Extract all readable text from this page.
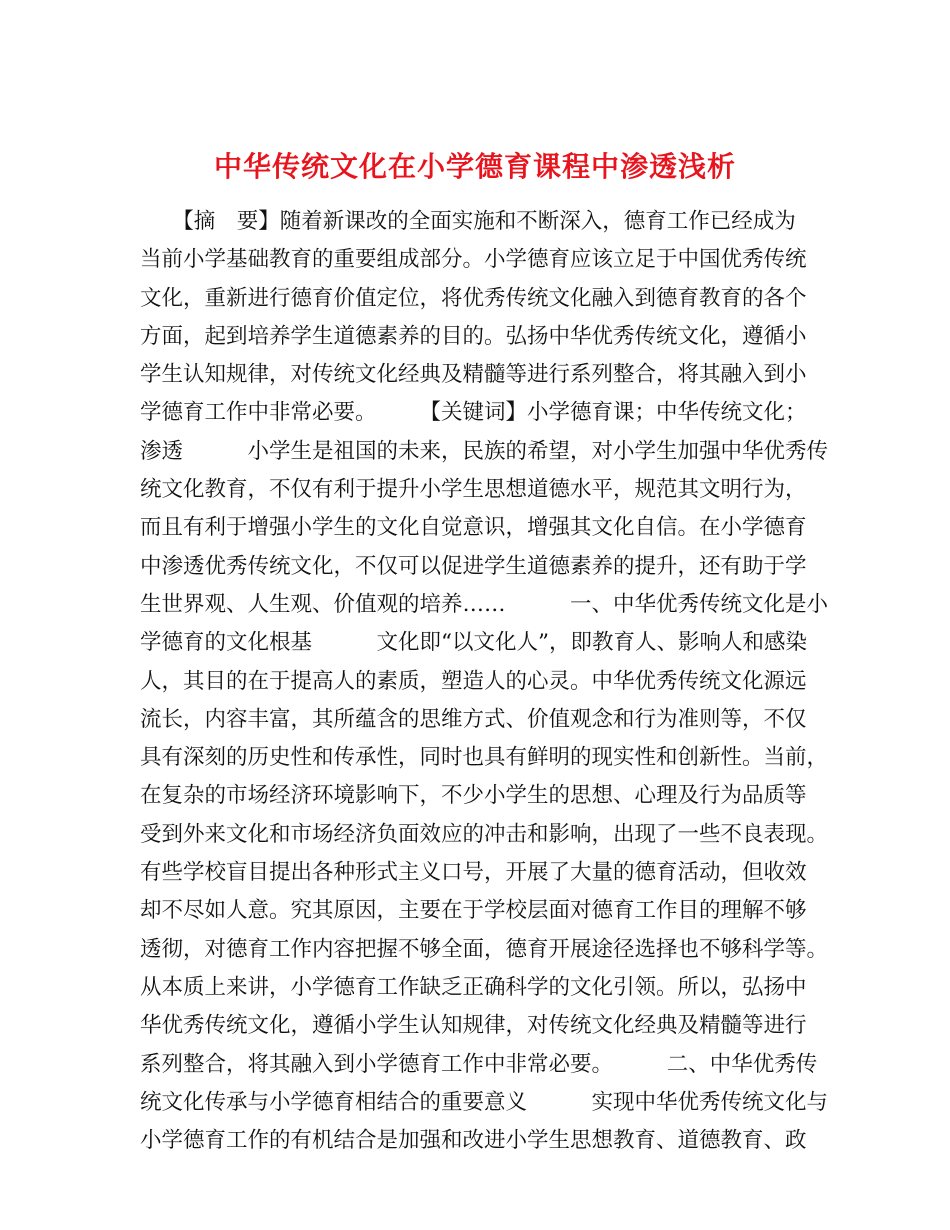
中华传统文化在小学德育课程中渗透浅析
　　【摘　要】随着新课改的全面实施和不断深入，德育工作已经成为
当前小学基础教育的重要组成部分。小学德育应该立足于中国优秀传统
文化，重新进行德育价值定位，将优秀传统文化融入到德育教育的各个
方面，起到培养学生道德素养的目的。弘扬中华优秀传统文化，遵循小
学生认知规律，对传统文化经典及精髓等进行系列整合，将其融入到小
学德育工作中非常必要。　　　【关键词】小学德育课；中华传统文化；
渗透　　　小学生是祖国的未来，民族的希望，对小学生加强中华优秀传
统文化教育，不仅有利于提升小学生思想道德水平，规范其文明行为，
而且有利于增强小学生的文化自觉意识，增强其文化自信。在小学德育
中渗透优秀传统文化，不仅可以促进学生道德素养的提升，还有助于学
生世界观、人生观、价值观的培养……　　　一、中华优秀传统文化是小
学德育的文化根基　　　文化即“以文化人”，即教育人、影响人和感染
人，其目的在于提高人的素质，塑造人的心灵。中华优秀传统文化源远
流长，内容丰富，其所蕴含的思维方式、价值观念和行为准则等，不仅
具有深刻的历史性和传承性，同时也具有鲜明的现实性和创新性。当前，
在复杂的市场经济环境影响下，不少小学生的思想、心理及行为品质等
受到外来文化和市场经济负面效应的冲击和影响，出现了一些不良表现。
有些学校盲目提出各种形式主义口号，开展了大量的德育活动，但收效
却不尽如人意。究其原因，主要在于学校层面对德育工作目的理解不够
透彻，对德育工作内容把握不够全面，德育开展途径选择也不够科学等。
从本质上来讲，小学德育工作缺乏正确科学的文化引领。所以，弘扬中
华优秀传统文化，遵循小学生认知规律，对传统文化经典及精髓等进行
系列整合，将其融入到小学德育工作中非常必要。　　　二、中华优秀传
统文化传承与小学德育相结合的重要意义　　　实现中华优秀传统文化与
小学德育工作的有机结合是加强和改进小学生思想教育、道德教育、政
